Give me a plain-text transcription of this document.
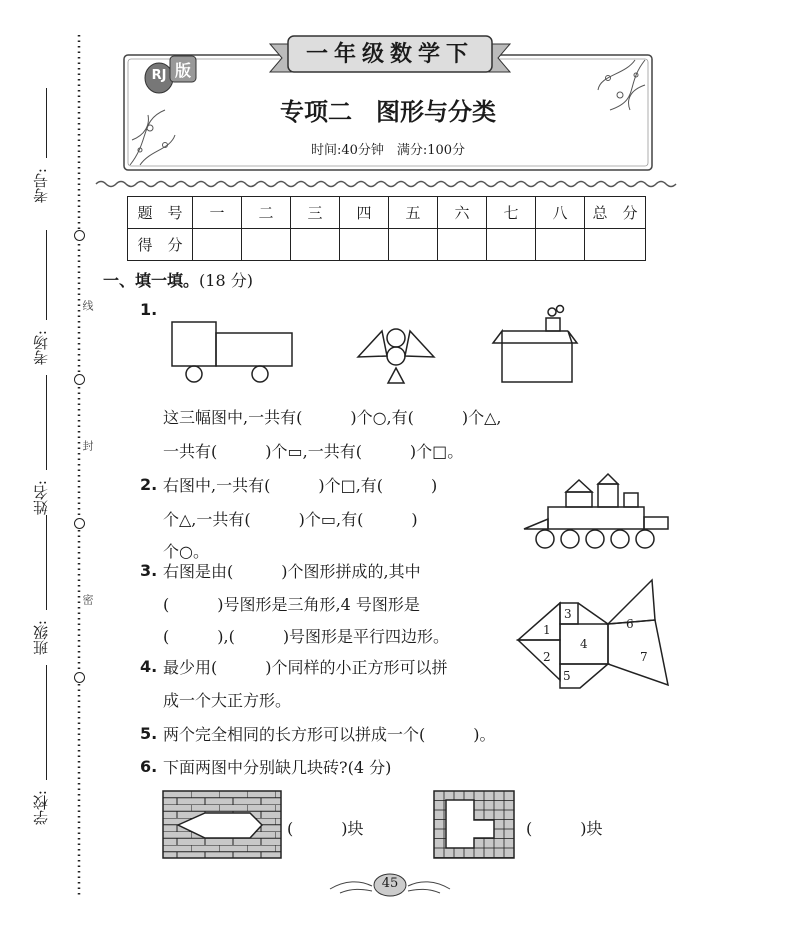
考号:
考场:
姓名:
班级:
学校:
线
封
密
一年级数学下
RJ 版
专项二　图形与分类
时间:40分钟　满分:100分
题　号	一	二	三	四	五	六	七	八	总　分
得　分									
一、填一填。(18 分)
1.
这三幅图中,一共有(　　　)个○,有(　　　)个△,
一共有(　　　)个▭,一共有(　　　)个□。
2. 右图中,一共有(　　　)个□,有(　　　)
个△,一共有(　　　)个▭,有(　　　)
个○。
3. 右图是由(　　　)个图形拼成的,其中
(　　　)号图形是三角形,4 号图形是
(　　　),(　　　)号图形是平行四边形。	1
2
3
4
5
6
7
4. 最少用(　　　)个同样的小正方形可以拼
成一个大正方形。
5. 两个完全相同的长方形可以拼成一个(　　　)。
6. 下面两图中分别缺几块砖?(4 分)
(　　　)块	(　　　)块
45
